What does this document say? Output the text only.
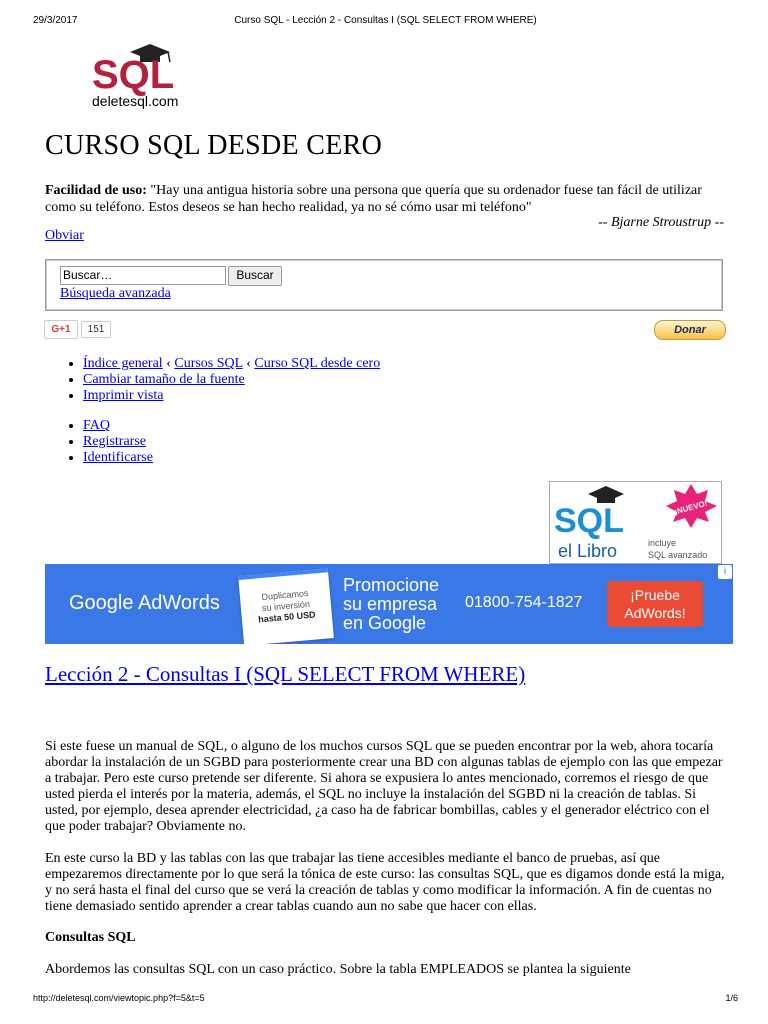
29/3/2017	Curso SQL - Lección 2 - Consultas I (SQL SELECT FROM WHERE)
SQL
deletesql.com
CURSO SQL DESDE CERO
Facilidad de uso: "Hay una antigua historia sobre una persona que quería que su ordenador fuese tan fácil de utilizar como su teléfono. Estos deseos se han hecho realidad, ya no sé cómo usar mi teléfono"
-- Bjarne Stroustrup --
Obviar
Buscar…	Buscar
Búsqueda avanzada
G+1	151	Donar
• Índice general ‹ Cursos SQL ‹ Curso SQL desde cero
• Cambiar tamaño de la fuente
• Imprimir vista
• FAQ
• Registrarse
• Identificarse
SQL
el Libro
¡NUEVO!
incluye
SQL avanzado
Google AdWords	Duplicamos
su inversión
hasta 50 USD
Promocione
su empresa
en Google
01800-754-1827	¡Pruebe
AdWords!
i
Lección 2 - Consultas I (SQL SELECT FROM WHERE)

Si este fuese un manual de SQL, o alguno de los muchos cursos SQL que se pueden encontrar por la web, ahora tocaría abordar la instalación de un SGBD para posteriormente crear una BD con algunas tablas de ejemplo con las que empezar a trabajar. Pero este curso pretende ser diferente. Si ahora se expusiera lo antes mencionado, corremos el riesgo de que usted pierda el interés por la materia, además, el SQL no incluye la instalación del SGBD ni la creación de tablas. Si usted, por ejemplo, desea aprender electricidad, ¿a caso ha de fabricar bombillas, cables y el generador eléctrico con el que poder trabajar? Obviamente no.

En este curso la BD y las tablas con las que trabajar las tiene accesibles mediante el banco de pruebas, así que empezaremos directamente por lo que será la tónica de este curso: las consultas SQL, que es digamos donde está la miga, y no será hasta el final del curso que se verá la creación de tablas y como modificar la información. A fin de cuentas no tiene demasiado sentido aprender a crear tablas cuando aun no sabe que hacer con ellas.

Consultas SQL

Abordemos las consultas SQL con un caso práctico. Sobre la tabla EMPLEADOS se plantea la siguiente

http://deletesql.com/viewtopic.php?f=5&t=5	1/6
